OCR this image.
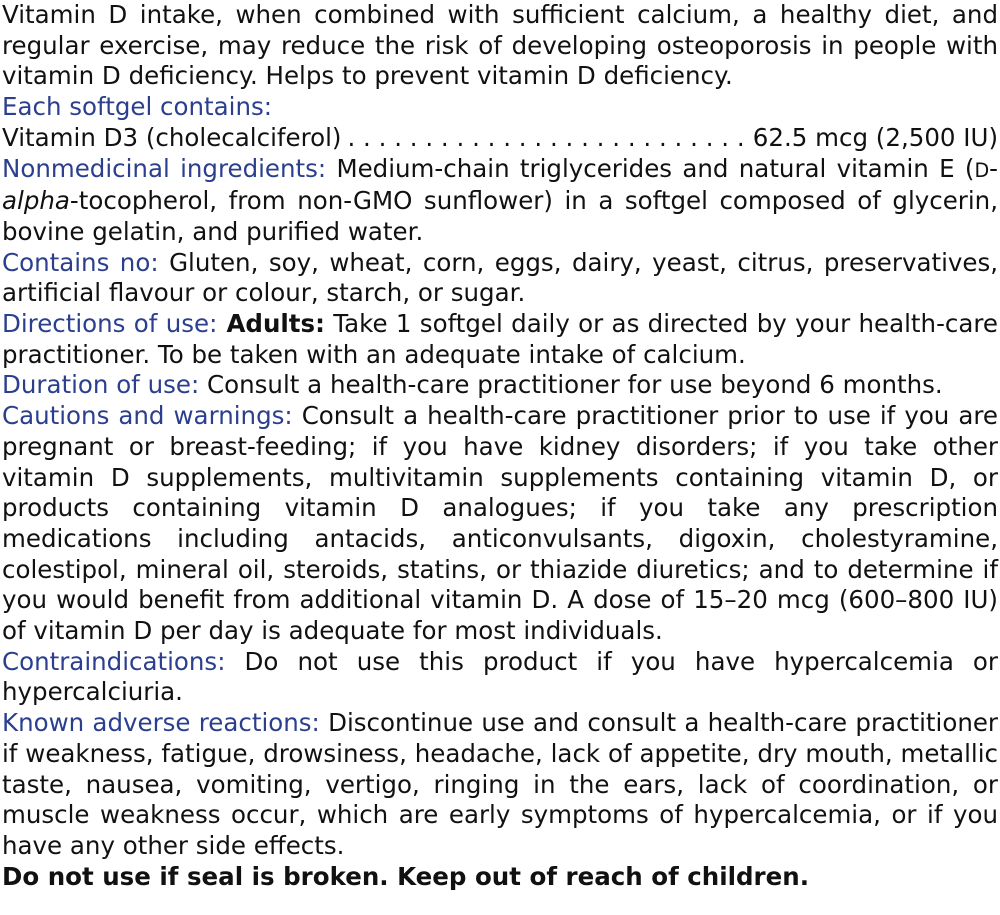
Vitamin D intake, when combined with sufficient calcium, a healthy diet, and regular exercise, may reduce the risk of developing osteoporosis in people with vitamin D deficiency. Helps to prevent vitamin D deficiency.

Each softgel contains:

Vitamin D3 (cholecalciferol)
. . .	62.5 mcg (2,500 IU)

Nonmedicinal ingredients: Medium-chain triglycerides and natural vitamin E (D-alpha-tocopherol, from non-GMO sunflower) in a softgel composed of glycerin, bovine gelatin, and purified water.

Contains no: Gluten, soy, wheat, corn, eggs, dairy, yeast, citrus, preservatives, artificial flavour or colour, starch, or sugar.

Directions of use: Adults: Take 1 softgel daily or as directed by your health-care practitioner. To be taken with an adequate intake of calcium.

Duration of use: Consult a health-care practitioner for use beyond 6 months.

Cautions and warnings: Consult a health-care practitioner prior to use if you are pregnant or breast-feeding; if you have kidney disorders; if you take other vitamin D supplements, multivitamin supplements containing vitamin D, or products containing vitamin D analogues; if you take any prescription medications including antacids, anticonvulsants, digoxin, cholestyramine, colestipol, mineral oil, steroids, statins, or thiazide diuretics; and to determine if you would benefit from additional vitamin D. A dose of 15–20 mcg (600–800 IU) of vitamin D per day is adequate for most individuals.

Contraindications: Do not use this product if you have hypercalcemia or hypercalciuria.

Known adverse reactions: Discontinue use and consult a health-care practitioner if weakness, fatigue, drowsiness, headache, lack of appetite, dry mouth, metallic taste, nausea, vomiting, vertigo, ringing in the ears, lack of coordination, or muscle weakness occur, which are early symptoms of hypercalcemia, or if you have any other side effects.

Do not use if seal is broken. Keep out of reach of children.
